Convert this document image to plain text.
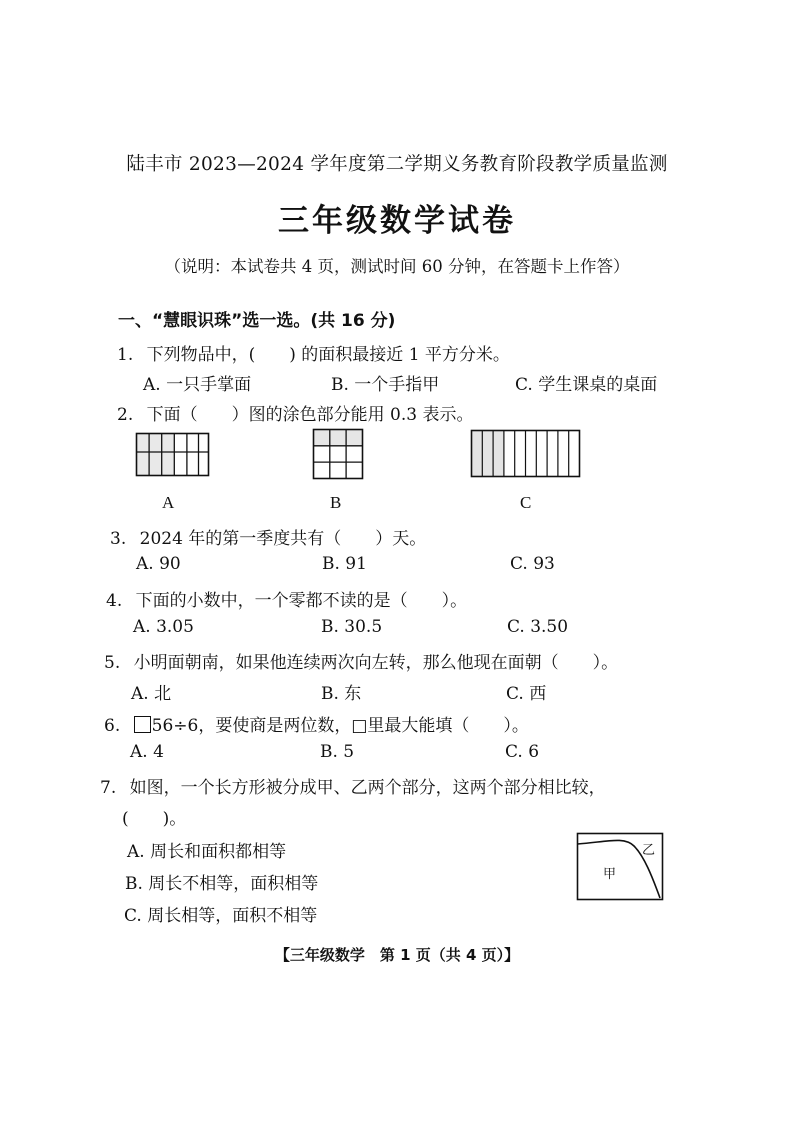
陆丰市 2023—2024 学年度第二学期义务教育阶段教学质量监测
三年级数学试卷
（说明：本试卷共 4 页，测试时间 60 分钟，在答题卡上作答）
一、“慧眼识珠”选一选。(共 16 分)
1. 下列物品中，(　　) 的面积最接近 1 平方分米。
A. 一只手掌面	B. 一个手指甲	C. 学生课桌的桌面
2. 下面（　　）图的涂色部分能用 0.3 表示。
A	B	C
3. 2024 年的第一季度共有（　　）天。
A. 90	B. 91	C. 93
4. 下面的小数中，一个零都不读的是（　　）。
A. 3.05	B. 30.5	C. 3.50
5. 小明面朝南，如果他连续两次向左转，那么他现在面朝（　　）。
A. 北	B. 东	C. 西
6. 56÷6，要使商是两位数，□里最大能填（　　）。
A. 4	B. 5	C. 6
7. 如图，一个长方形被分成甲、乙两个部分，这两个部分相比较，
(　　)。
A. 周长和面积都相等
B. 周长不相等，面积相等
C. 周长相等，面积不相等
甲
乙
【三年级数学　第 1 页（共 4 页）】
